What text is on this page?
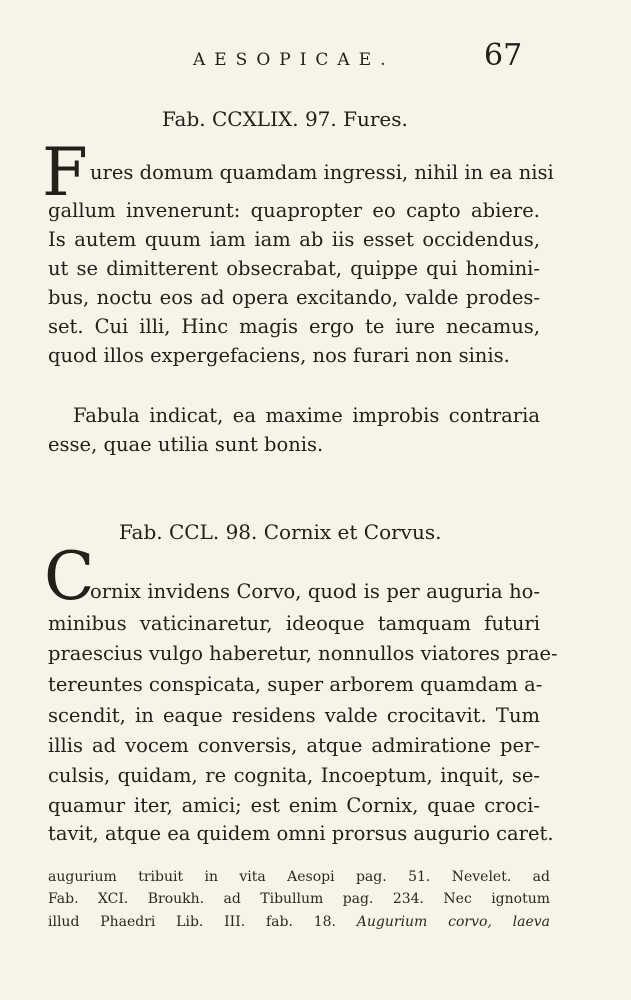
AESOPICAE.	67
Fab. CCXLIX. 97. Fures.
F ures domum quamdam ingressi, nihil in ea nisi
gallum invenerunt: quapropter eo capto abiere.
Is autem quum iam iam ab iis esset occidendus,
ut se dimitterent obsecrabat, quippe qui homini-
bus, noctu eos ad opera excitando, valde prodes-
set. Cui illi, Hinc magis ergo te iure necamus,
quod illos expergefaciens, nos furari non sinis.
Fabula indicat, ea maxime improbis contraria
esse, quae utilia sunt bonis.
Fab. CCL. 98. Cornix et Corvus.
C
ornix invidens Corvo, quod is per auguria ho-
minibus vaticinaretur, ideoque tamquam futuri
praescius vulgo haberetur, nonnullos viatores prae-
tereuntes conspicata, super arborem quamdam a-
scendit, in eaque residens valde crocitavit. Tum
illis ad vocem conversis, atque admiratione per-
culsis, quidam, re cognita, Incoeptum, inquit, se-
quamur iter, amici; est enim Cornix, quae croci-
tavit, atque ea quidem omni prorsus augurio caret.
augurium tribuit in vita Aesopi pag. 51. Nevelet. ad
Fab. XCI. Broukh. ad Tibullum pag. 234. Nec ignotum
illud Phaedri Lib. III. fab. 18. Augurium corvo, laeva
